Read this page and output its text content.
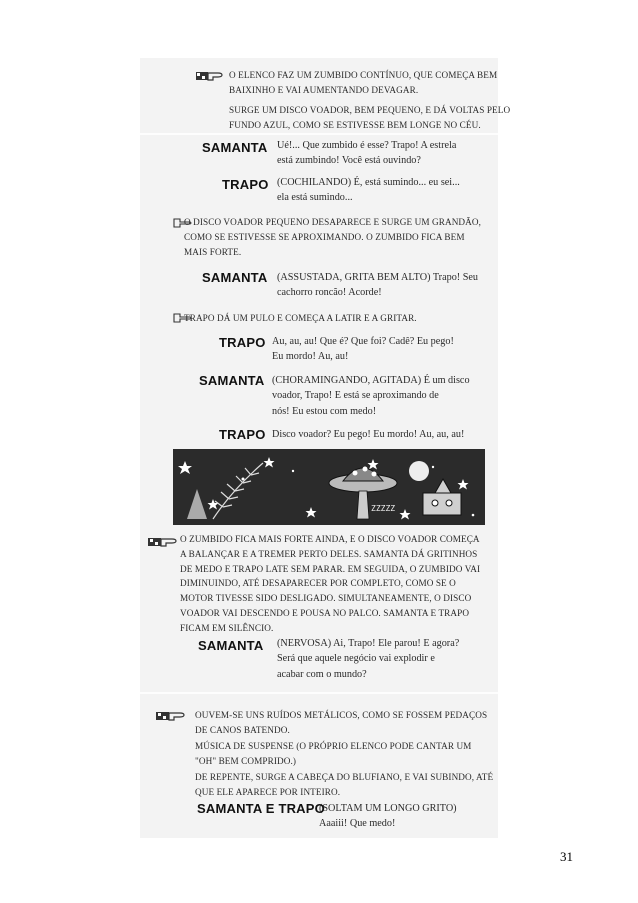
O ELENCO FAZ UM ZUMBIDO CONTÍNUO, QUE COMEÇA BEM
BAIXINHO E VAI AUMENTANDO DEVAGAR.
SURGE UM DISCO VOADOR, BEM PEQUENO, E DÁ VOLTAS PELO
FUNDO AZUL, COMO SE ESTIVESSE BEM LONGE NO CÉU.
O DISCO VOADOR PEQUENO DESAPARECE E SURGE UM GRANDÃO,
COMO SE ESTIVESSE SE APROXIMANDO. O ZUMBIDO FICA BEM
MAIS FORTE.
TRAPO DÁ UM PULO E COMEÇA A LATIR E A GRITAR.
O ZUMBIDO FICA MAIS FORTE AINDA, E O DISCO VOADOR COMEÇA
A BALANÇAR E A TREMER PERTO DELES. SAMANTA DÁ GRITINHOS
DE MEDO E TRAPO LATE SEM PARAR. EM SEGUIDA, O ZUMBIDO VAI
DIMINUINDO, ATÉ DESAPARECER POR COMPLETO, COMO SE O
MOTOR TIVESSE SIDO DESLIGADO. SIMULTANEAMENTE, O DISCO
VOADOR VAI DESCENDO E POUSA NO PALCO. SAMANTA E TRAPO
FICAM EM SILÊNCIO.
OUVEM-SE UNS RUÍDOS METÁLICOS, COMO SE FOSSEM PEDAÇOS
DE CANOS BATENDO.
MÚSICA DE SUSPENSE (O PRÓPRIO ELENCO PODE CANTAR UM
"OH" BEM COMPRIDO.)
DE REPENTE, SURGE A CABEÇA DO BLUFIANO, E VAI SUBINDO, ATÉ
QUE ELE APARECE POR INTEIRO.
SAMANTA Ué!... Que zumbido é esse? Trapo! A estrela
está zumbindo! Você está ouvindo?
TRAPO (COCHILANDO) É, está sumindo... eu sei...
ela está sumindo...
SAMANTA (ASSUSTADA, GRITA BEM ALTO) Trapo! Seu
cachorro roncão! Acorde!
TRAPO Au, au, au! Que é? Que foi? Cadê? Eu pego!
Eu mordo! Au, au!
SAMANTA (CHORAMINGANDO, AGITADA) É um disco
voador, Trapo! E está se aproximando de
nós! Eu estou com medo!
TRAPO Disco voador? Eu pego! Eu mordo! Au, au, au!
SAMANTA (NERVOSA) Ai, Trapo! Ele parou! E agora?
Será que aquele negócio vai explodir e
acabar com o mundo?
SAMANTA E TRAPO
(SOLTAM UM LONGO GRITO)
Aaaiii! Que medo!
ZZZZZ
31
